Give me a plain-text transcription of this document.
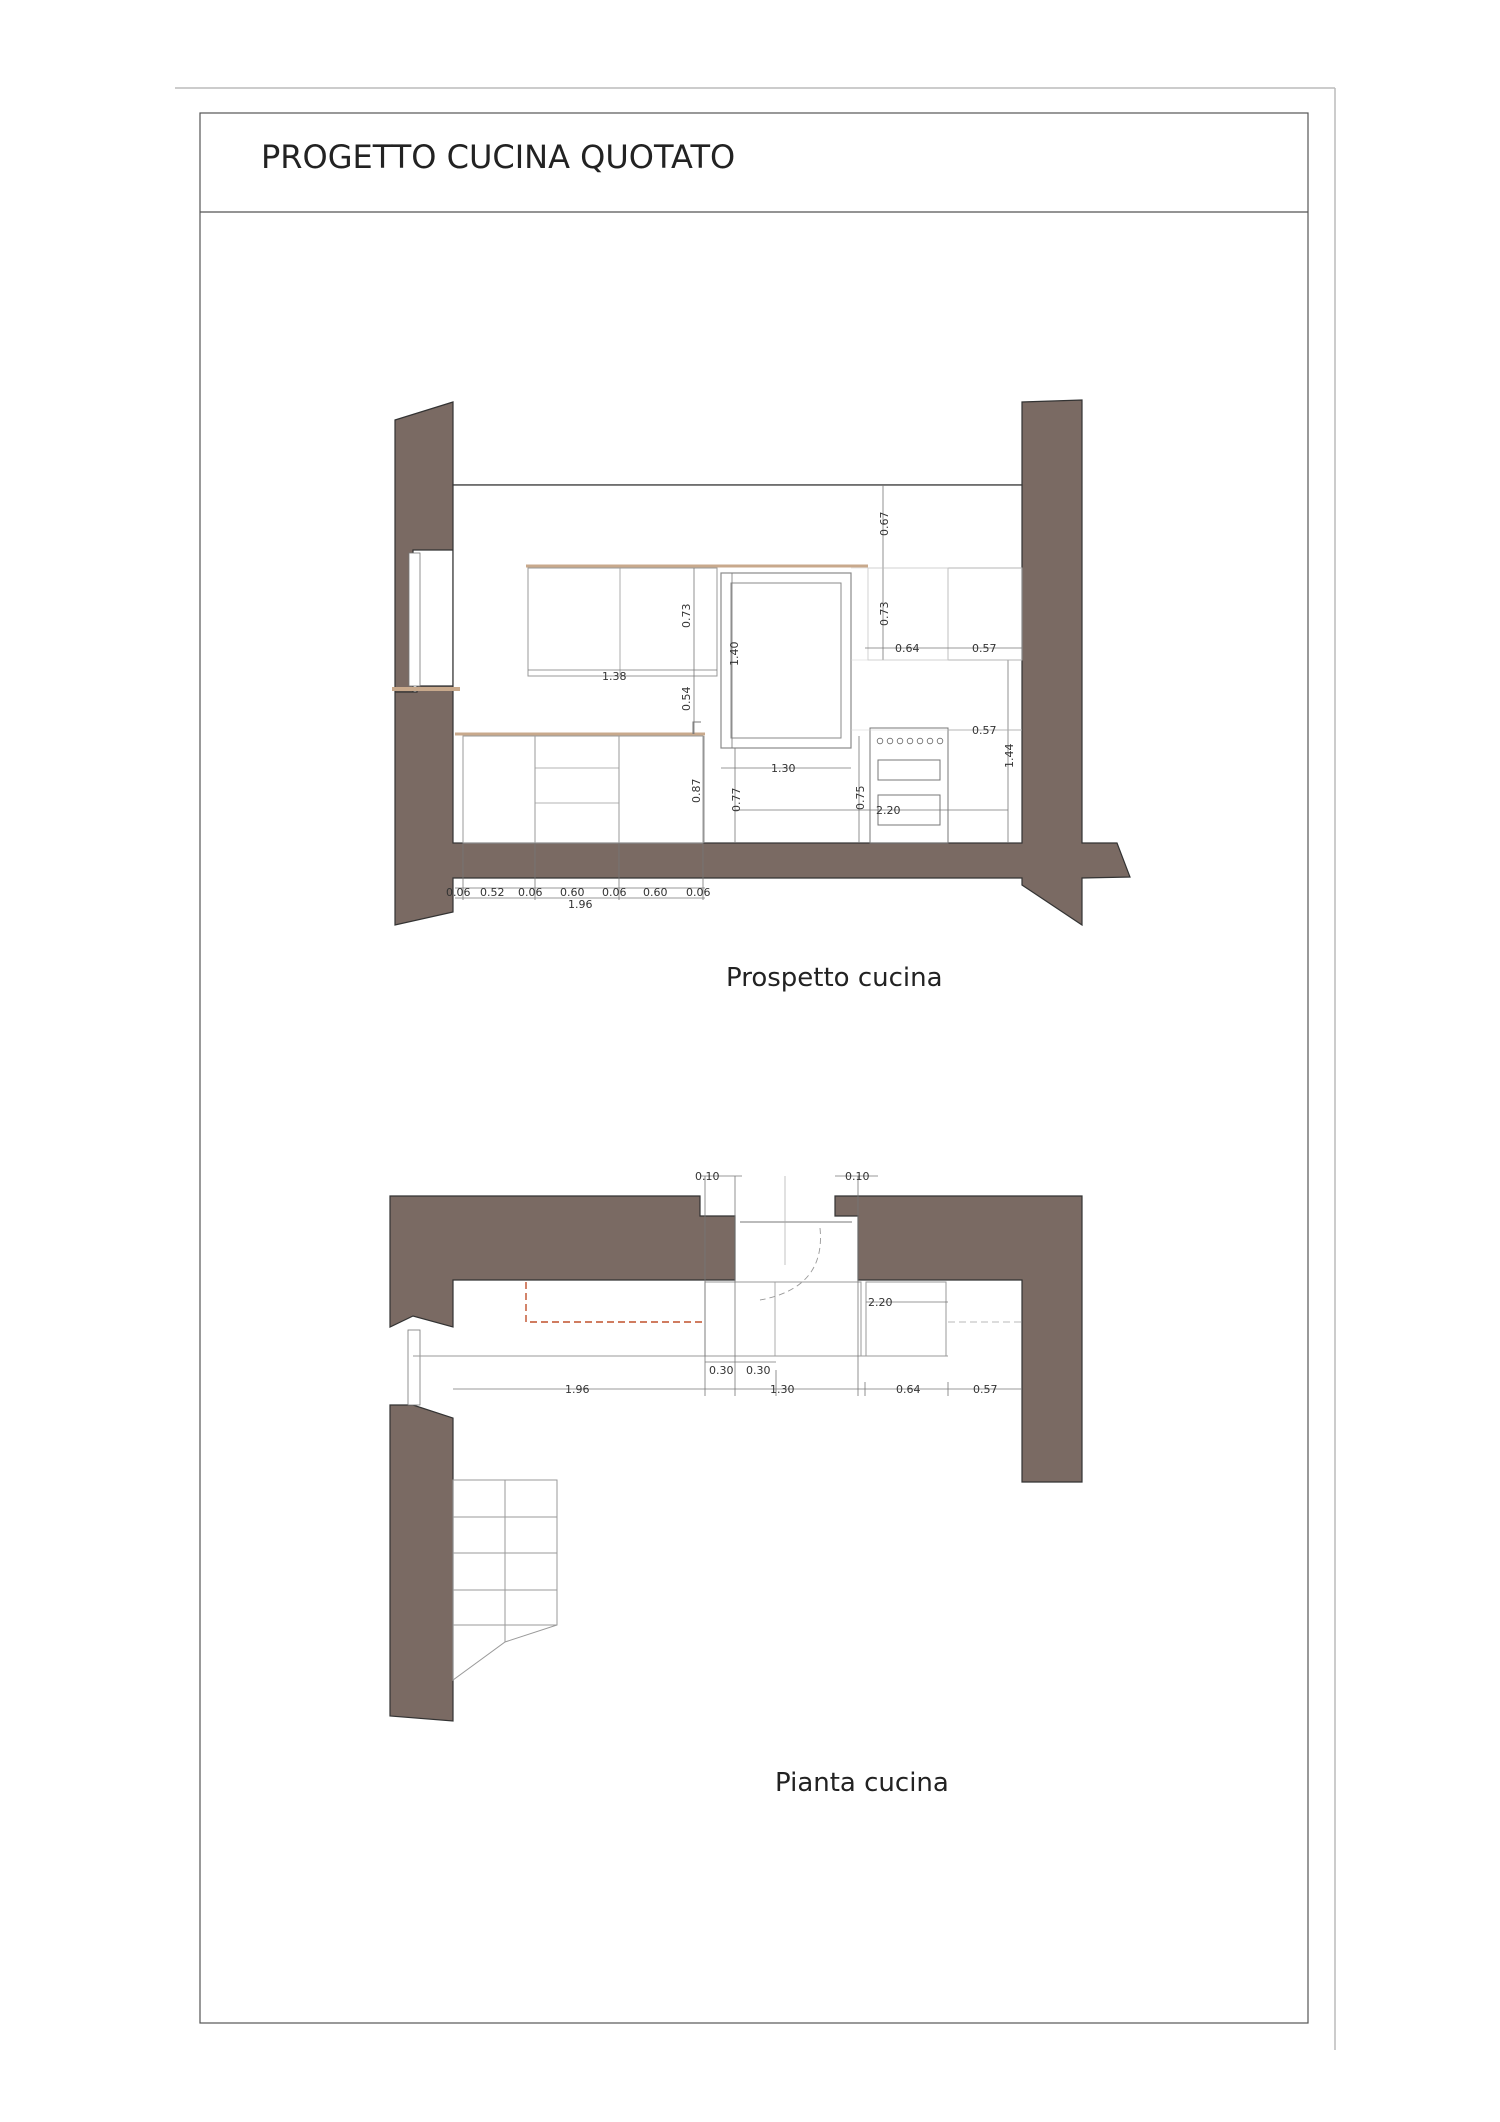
PROGETTO CUCINA QUOTATO
0.67
0.73
0.73
0.64	0.57
0.57
1.38
1.40
0.54
1.44
1.30
0.87 0.77	0.75
2.20
0.06 0.52 0.06 0.60 0.06 0.60 0.06
1.96
Prospetto cucina
0.10	0.10
2.20
0.30 0.30
1.96	1.30	0.64	0.57
Pianta cucina
